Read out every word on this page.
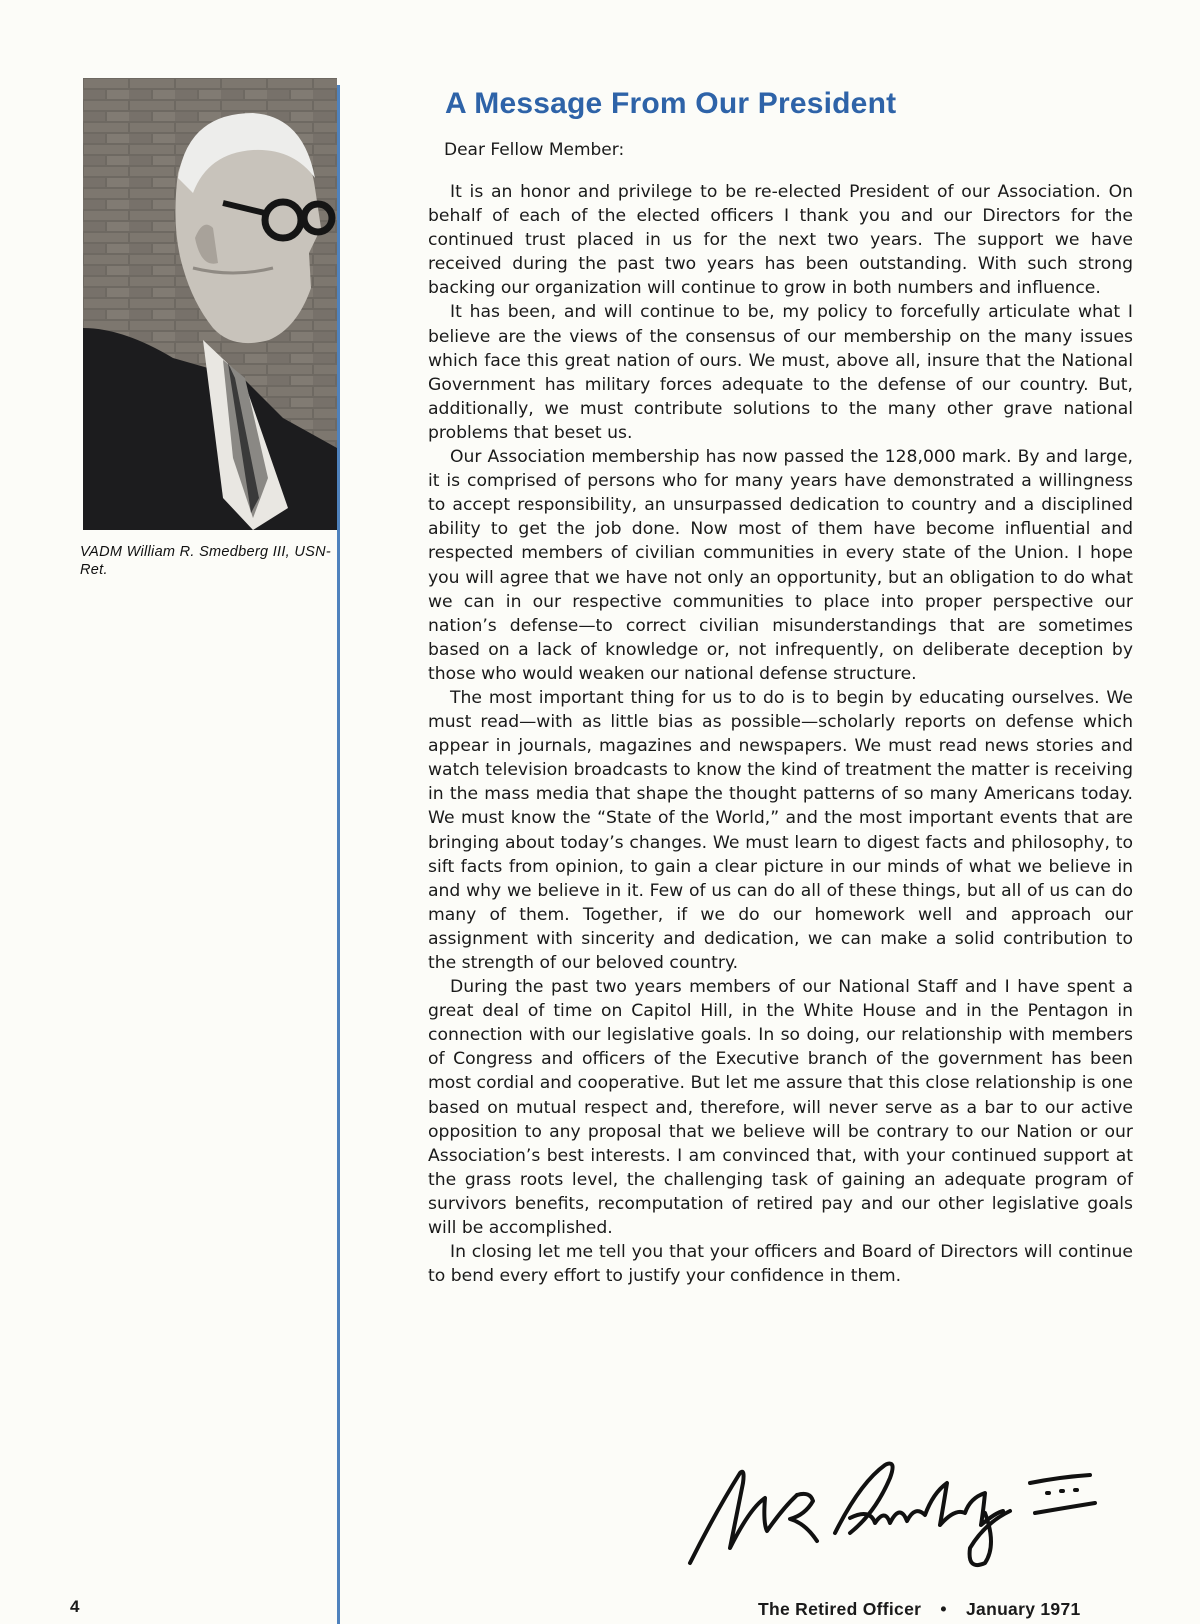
VADM William R. Smedberg III, USN-Ret.
A Message From Our President
Dear Fellow Member:

It is an honor and privilege to be re-elected President of our Association. On behalf of each of the elected officers I thank you and our Directors for the continued trust placed in us for the next two years. The support we have received during the past two years has been outstanding. With such strong backing our organization will continue to grow in both numbers and influence.

It has been, and will continue to be, my policy to forcefully articulate what I believe are the views of the consensus of our membership on the many issues which face this great nation of ours. We must, above all, insure that the National Government has military forces adequate to the defense of our country. But, additionally, we must contribute solutions to the many other grave national problems that beset us.

Our Association membership has now passed the 128,000 mark. By and large, it is comprised of persons who for many years have demonstrated a willingness to accept responsibility, an unsurpassed dedication to country and a disciplined ability to get the job done. Now most of them have become influential and respected members of civilian communities in every state of the Union. I hope you will agree that we have not only an opportunity, but an obligation to do what we can in our respective communities to place into proper perspective our nation’s defense—to correct civilian misunderstandings that are sometimes based on a lack of knowledge or, not infrequently, on deliberate deception by those who would weaken our national defense structure.

The most important thing for us to do is to begin by educating ourselves. We must read—with as little bias as possible—scholarly reports on defense which appear in journals, magazines and newspapers. We must read news stories and watch television broadcasts to know the kind of treatment the matter is receiving in the mass media that shape the thought patterns of so many Americans today. We must know the “State of the World,” and the most important events that are bringing about today’s changes. We must learn to digest facts and philosophy, to sift facts from opinion, to gain a clear picture in our minds of what we believe in and why we believe in it. Few of us can do all of these things, but all of us can do many of them. Together, if we do our homework well and approach our assignment with sincerity and dedication, we can make a solid contribution to the strength of our beloved country.

During the past two years members of our National Staff and I have spent a great deal of time on Capitol Hill, in the White House and in the Pentagon in connection with our legislative goals. In so doing, our relationship with members of Congress and officers of the Executive branch of the government has been most cordial and cooperative. But let me assure that this close relationship is one based on mutual respect and, therefore, will never serve as a bar to our active opposition to any proposal that we believe will be contrary to our Nation or our Association’s best interests. I am convinced that, with your continued support at the grass roots level, the challenging task of gaining an adequate program of survivors benefits, recomputation of retired pay and our other legislative goals will be accomplished.

In closing let me tell you that your officers and Board of Directors will continue to bend every effort to justify your confidence in them.

4	The Retired Officer • January 1971
